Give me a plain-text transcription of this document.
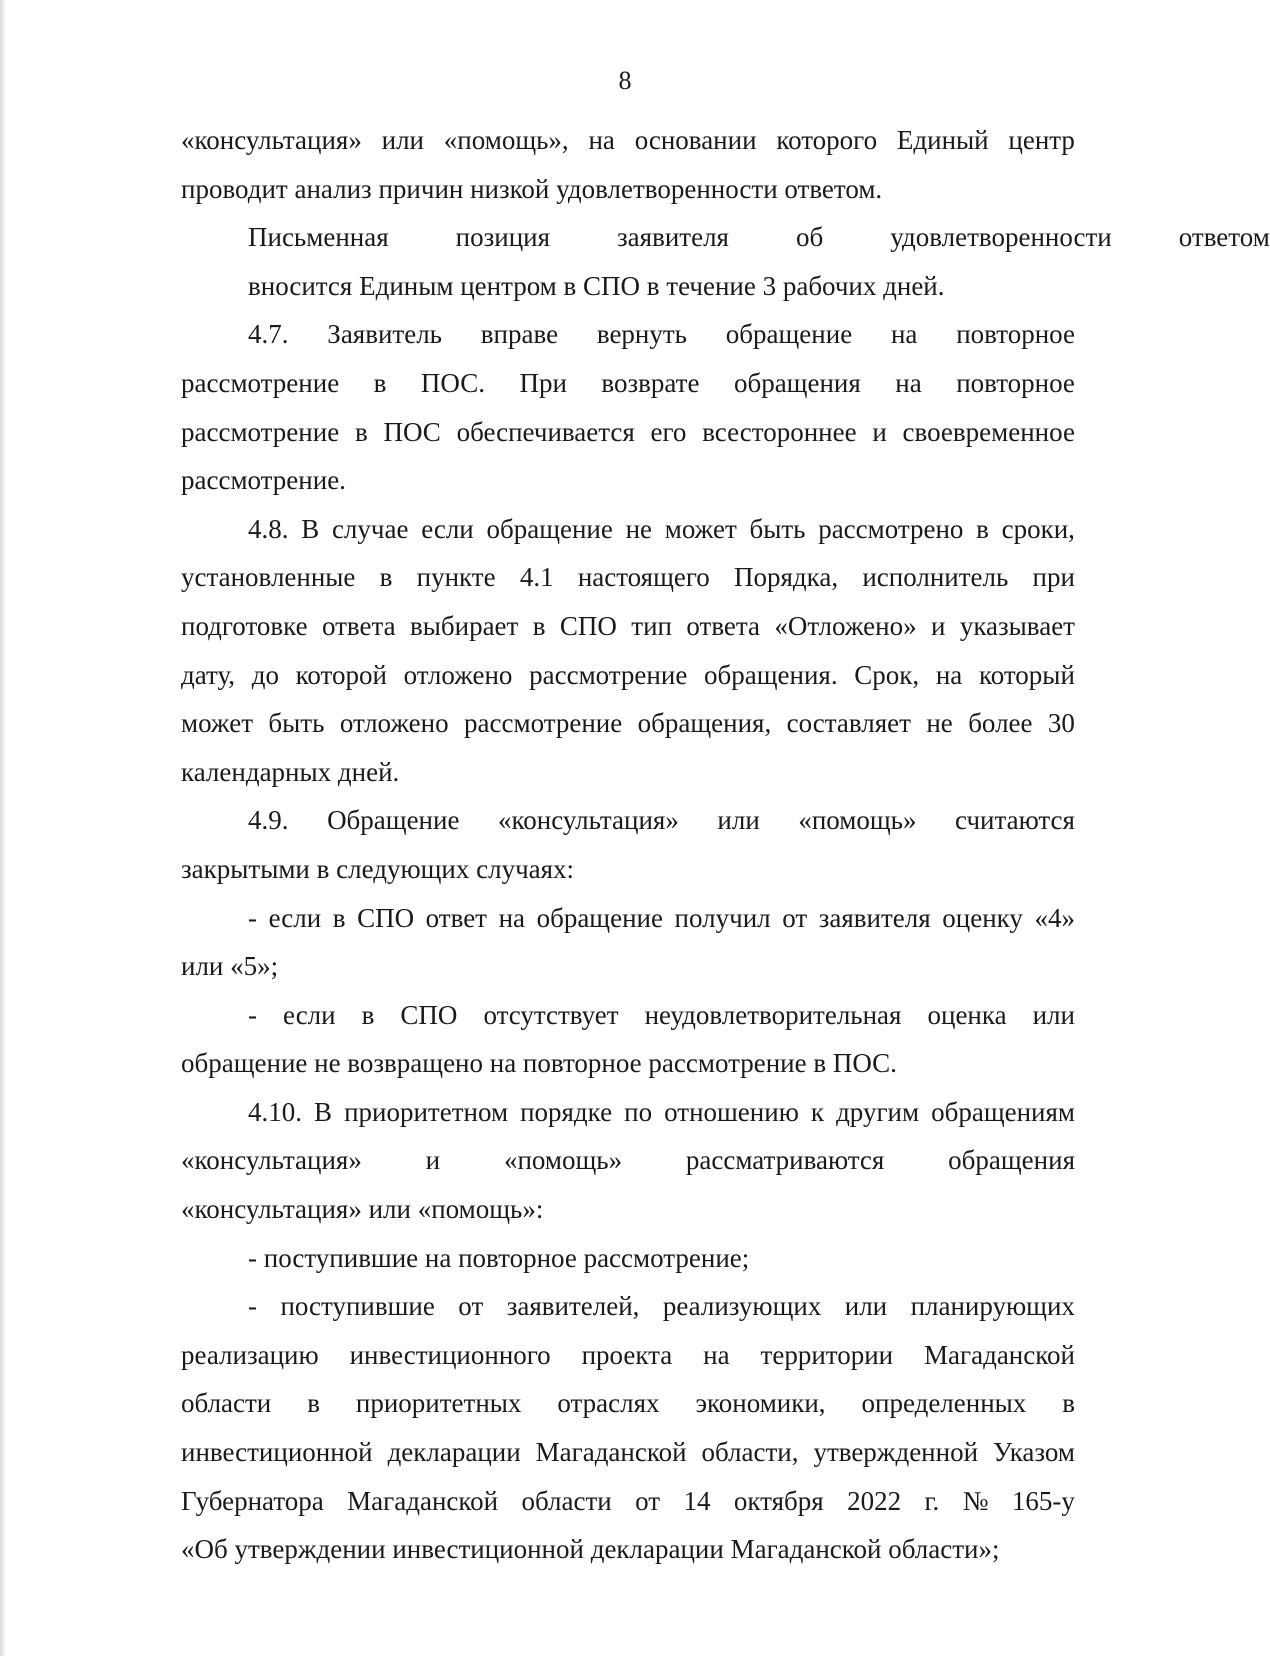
8

«консультация» или «помощь», на основании которого Единый центр
проводит анализ причин низкой удовлетворенности ответом.

Письменная	позиция	заявителя	об	удовлетворенности	ответом
вносится Единым центром в СПО в течение 3 рабочих дней.

4.7. Заявитель вправе вернуть обращение на повторное
рассмотрение в ПОС. При возврате обращения на повторное
рассмотрение в ПОС обеспечивается его всестороннее и своевременное
рассмотрение.

4.8. В случае если обращение не может быть рассмотрено в сроки,
установленные в пункте 4.1 настоящего Порядка, исполнитель при
подготовке ответа выбирает в СПО тип ответа «Отложено» и указывает
дату, до которой отложено рассмотрение обращения. Срок, на который
может быть отложено рассмотрение обращения, составляет не более 30
календарных дней.

4.9. Обращение «консультация» или «помощь» считаются
закрытыми в следующих случаях:

- если в СПО ответ на обращение получил от заявителя оценку «4»
или «5»;

- если в СПО отсутствует неудовлетворительная оценка или
обращение не возвращено на повторное рассмотрение в ПОС.

4.10. В приоритетном порядке по отношению к другим обращениям
«консультация» и «помощь» рассматриваются обращения
«консультация» или «помощь»:

- поступившие на повторное рассмотрение;

- поступившие от заявителей, реализующих или планирующих
реализацию инвестиционного проекта на территории Магаданской
области в приоритетных отраслях экономики, определенных в
инвестиционной декларации Магаданской области, утвержденной Указом
Губернатора Магаданской области от 14 октября 2022 г. № 165-у
«Об утверждении инвестиционной декларации Магаданской области»;
